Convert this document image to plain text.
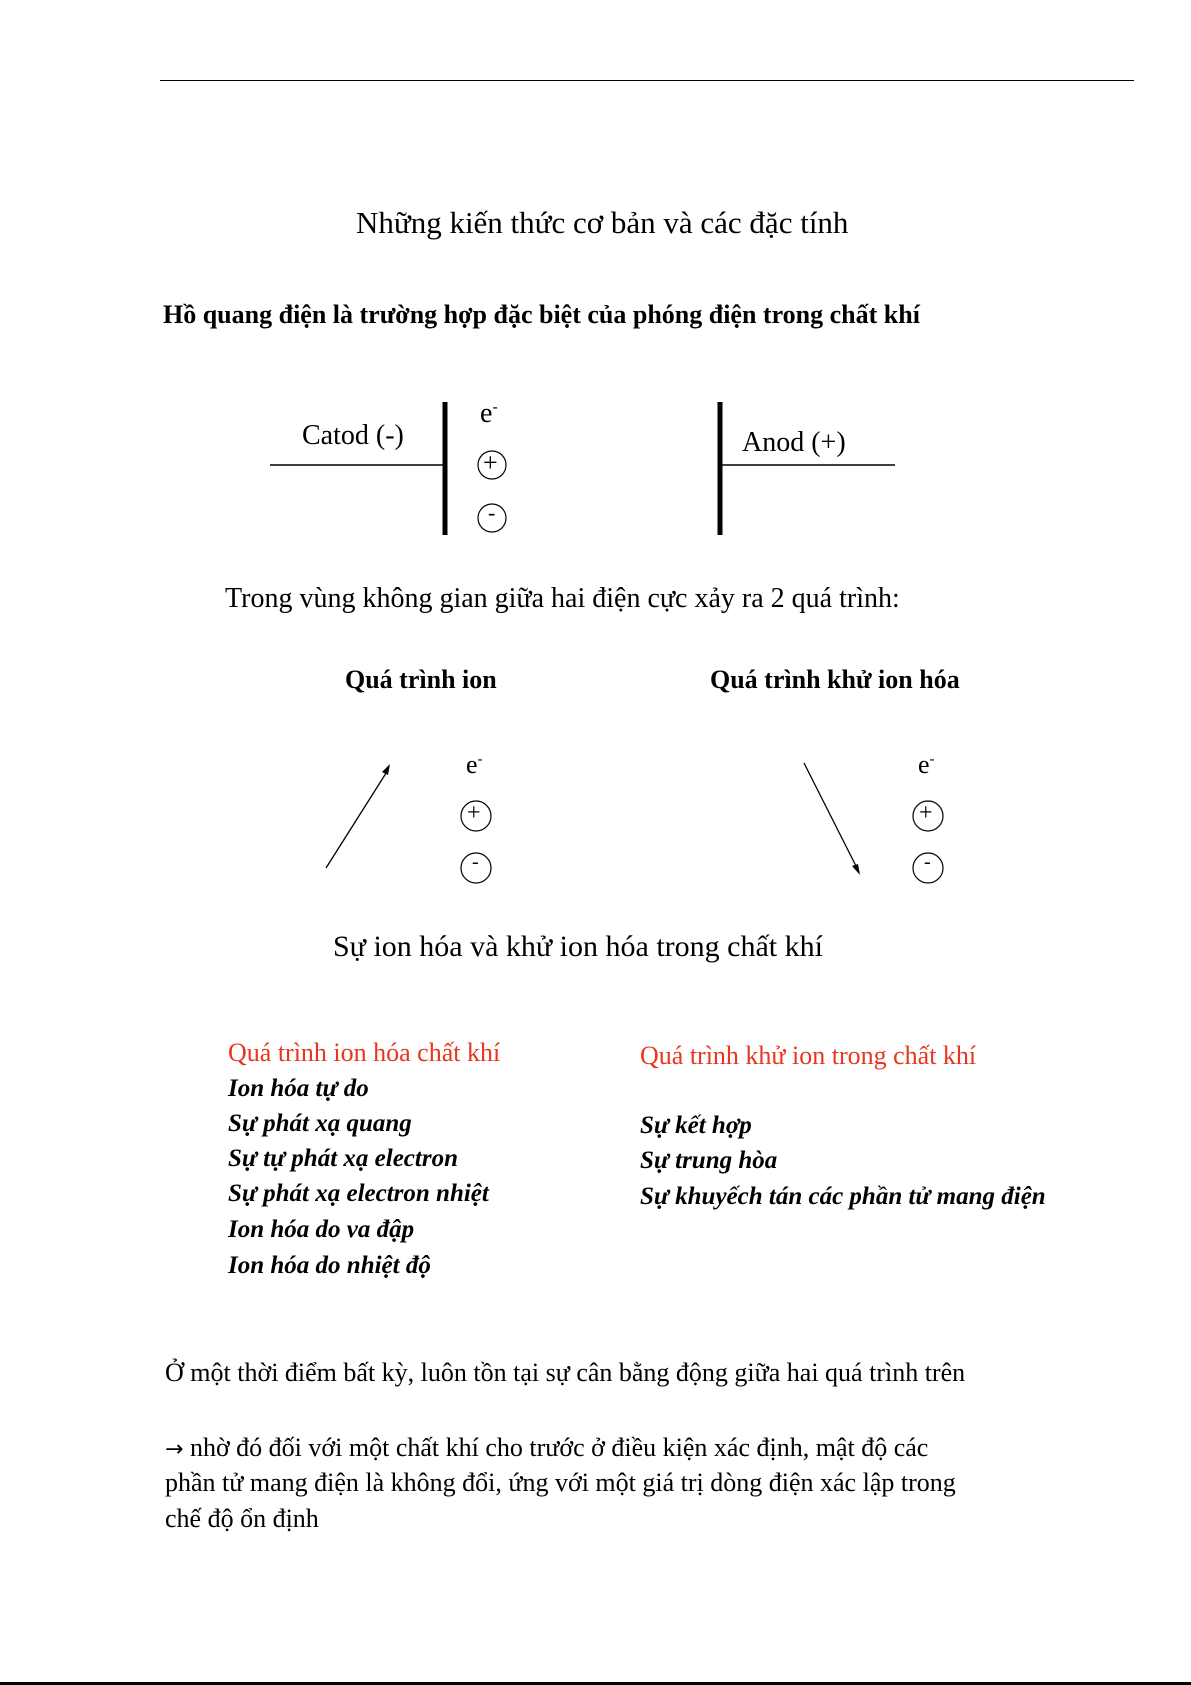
Những kiến thức cơ bản và các đặc tính
Hồ quang điện là trường hợp đặc biệt của phóng điện trong chất khí
Catod (-)	Anod (+)
e-
+
-
Trong vùng không gian giữa hai điện cực xảy ra 2 quá trình:
Quá trình ion	Quá trình khử ion hóa
e-
+
-
e-
+
-
Sự ion hóa và khử ion hóa trong chất khí
Quá trình ion hóa chất khí
Ion hóa tự do
Sự phát xạ quang
Sự tự phát xạ electron
Sự phát xạ electron nhiệt
Ion hóa do va đập
Ion hóa do nhiệt độ
Quá trình khử ion trong chất khí
Sự kết hợp
Sự trung hòa
Sự khuyếch tán các phần tử mang điện
Ở một thời điểm bất kỳ, luôn tồn tại sự cân bằng động giữa hai quá trình trên
→ nhờ đó đối với một chất khí cho trước ở điều kiện xác định, mật độ các
phần tử mang điện là không đổi, ứng với một giá trị dòng điện xác lập trong
chế độ ổn định
